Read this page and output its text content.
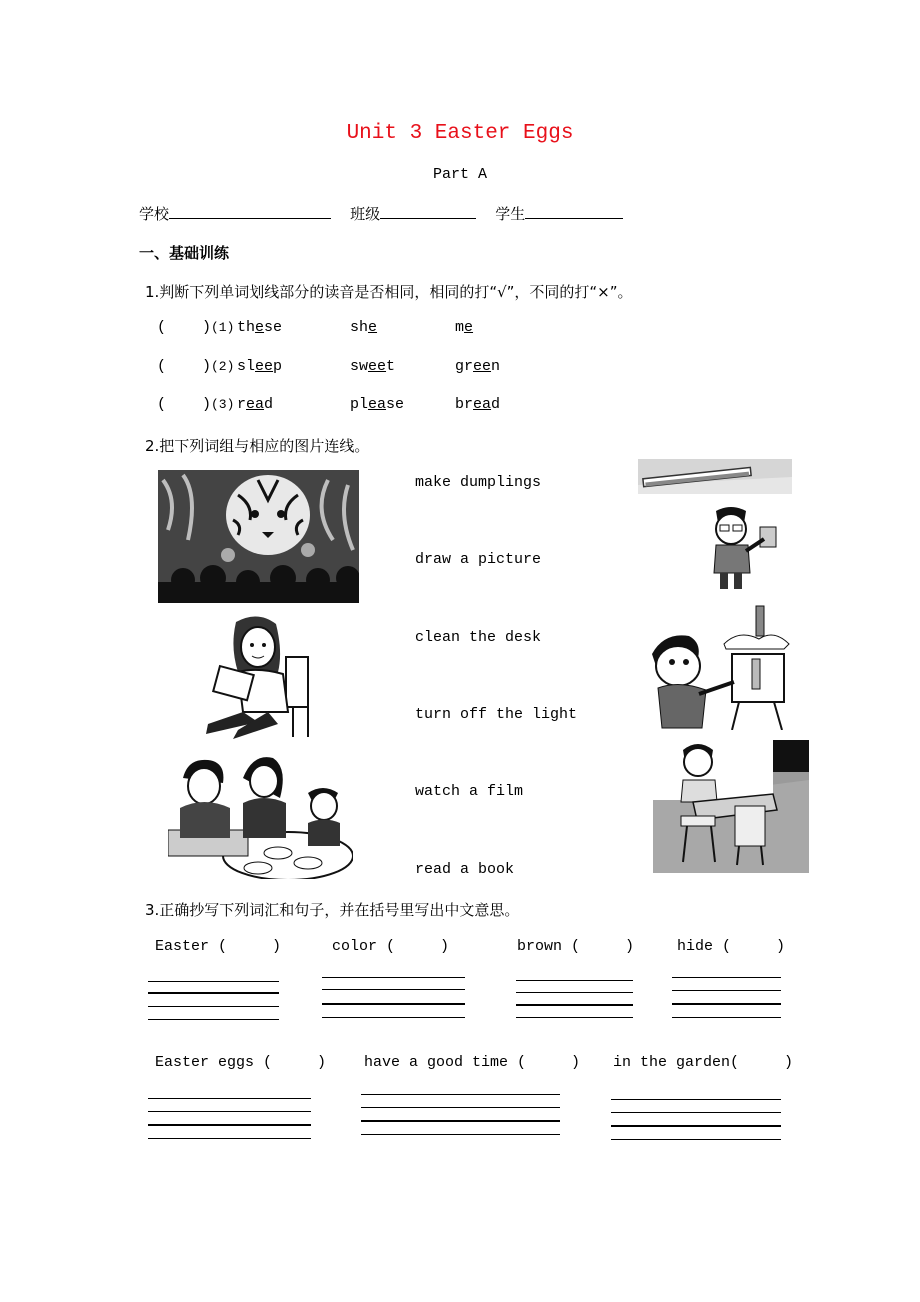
Unit 3 Easter Eggs
Part A
学校	班级	学生
一、基础训练
1.判断下列单词划线部分的读音是否相同，相同的打“√”，不同的打“×”。
(    ) (1) these	she	me
(    ) (2) sleep	sweet	green
(    ) (3) read	please	bread
2.把下列词组与相应的图片连线。
make dumplings
draw a picture
clean the desk
turn off the light
watch a film
read a book
3.正确抄写下列词汇和句子，并在括号里写出中文意思。
Easter (     )	color (     )	brown (     )	hide (     )
Easter eggs (     )	have a good time (     ) in the garden(     )
